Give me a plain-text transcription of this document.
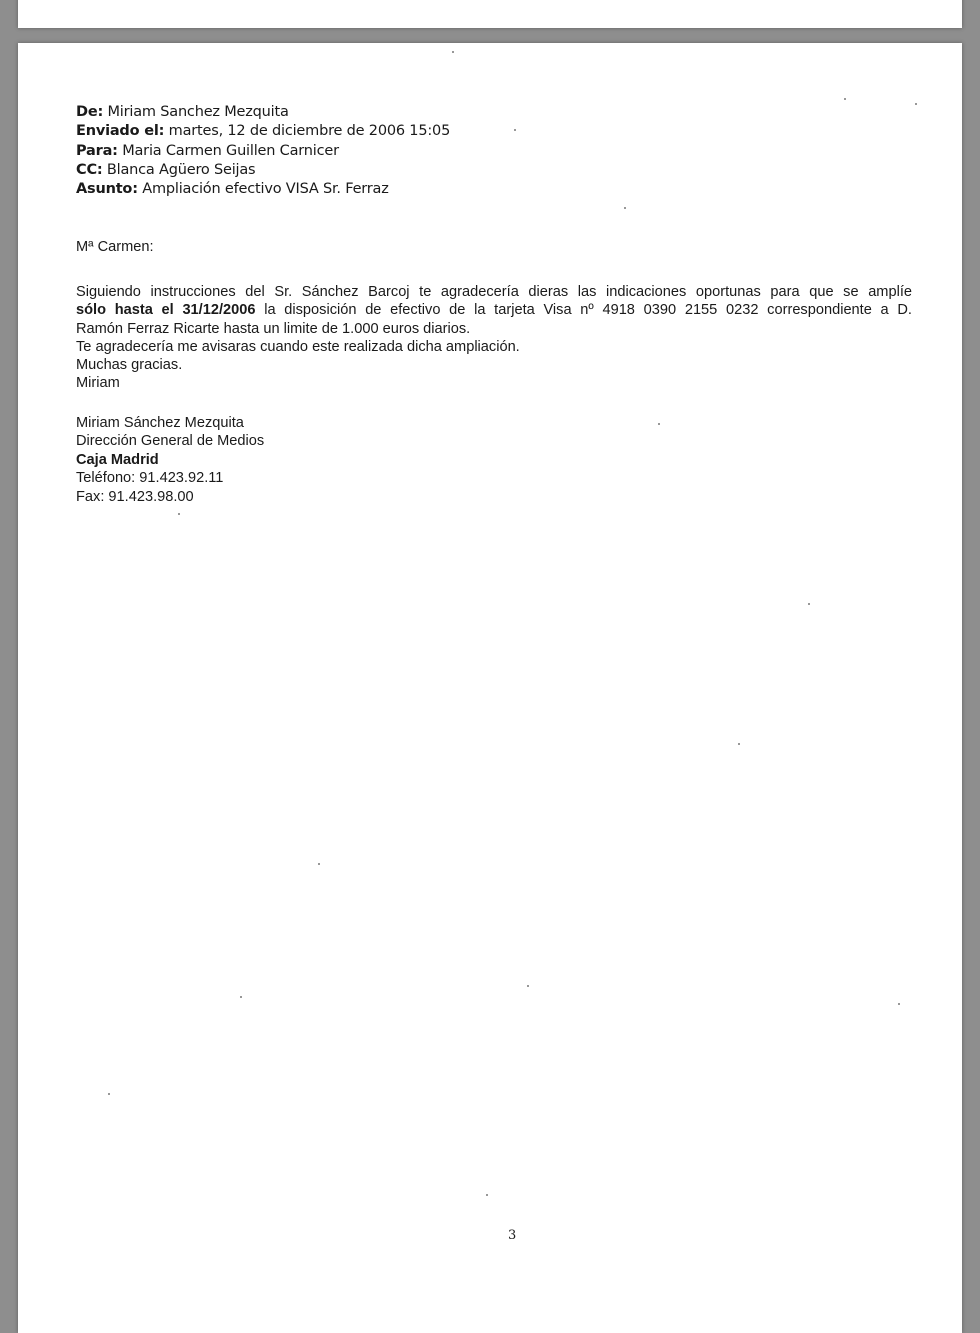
De: Miriam Sanchez Mezquita
Enviado el: martes, 12 de diciembre de 2006 15:05
Para: Maria Carmen Guillen Carnicer
CC: Blanca Agüero Seijas
Asunto: Ampliación efectivo VISA Sr. Ferraz
Mª Carmen:
Siguiendo instrucciones del Sr. Sánchez Barcoj te agradecería dieras las indicaciones oportunas para que se amplíe
sólo hasta el 31/12/2006 la disposición de efectivo de la tarjeta Visa nº 4918 0390 2155 0232 correspondiente a D.
Ramón Ferraz Ricarte hasta un limite de 1.000 euros diarios.
Te agradecería me avisaras cuando este realizada dicha ampliación.
Muchas gracias.
Miriam
Miriam Sánchez Mezquita
Dirección General de Medios
Caja Madrid
Teléfono: 91.423.92.11
Fax: 91.423.98.00
3
